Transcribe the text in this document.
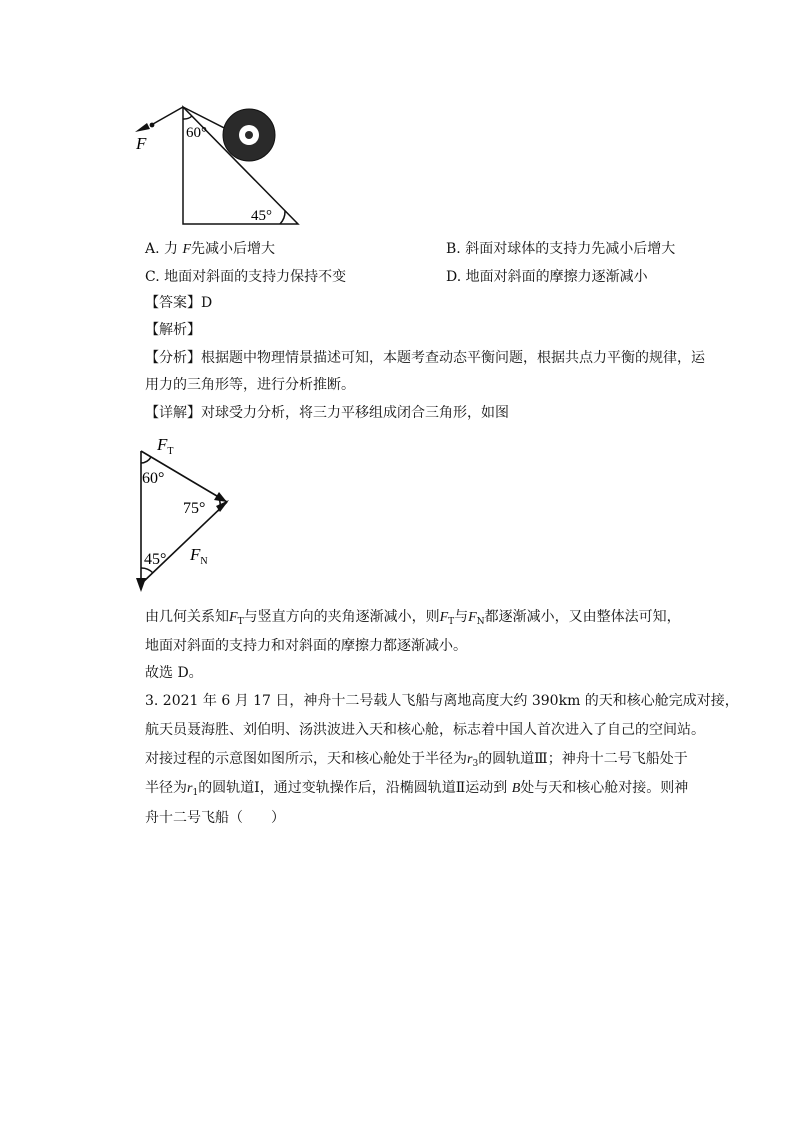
F
60°
45°
A. 力 F先减小后增大	B. 斜面对球体的支持力先减小后增大
C. 地面对斜面的支持力保持不变	D. 地面对斜面的摩擦力逐渐减小
【答案】D
【解析】
【分析】根据题中物理情景描述可知，本题考查动态平衡问题，根据共点力平衡的规律，运
用力的三角形等，进行分析推断。
【详解】对球受力分析，将三力平移组成闭合三角形，如图
$F_T$
60°
75°
45° $F_N$
由几何关系知$F_T$与竖直方向的夹角逐渐减小，则$F_T$与$F_N$都逐渐减小，又由整体法可知，
地面对斜面的支持力和对斜面的摩擦力都逐渐减小。
故选 D。
3. 2021 年 6 月 17 日，神舟十二号载人飞船与离地高度大约 390km 的天和核心舱完成对接，
航天员聂海胜、刘伯明、汤洪波进入天和核心舱，标志着中国人首次进入了自己的空间站。
对接过程的示意图如图所示，天和核心舱处于半径为$r_3$的圆轨道Ⅲ；神舟十二号飞船处于
半径为$r_1$的圆轨道Ⅰ，通过变轨操作后，沿椭圆轨道Ⅱ运动到 B处与天和核心舱对接。则神
舟十二号飞船（　　）
